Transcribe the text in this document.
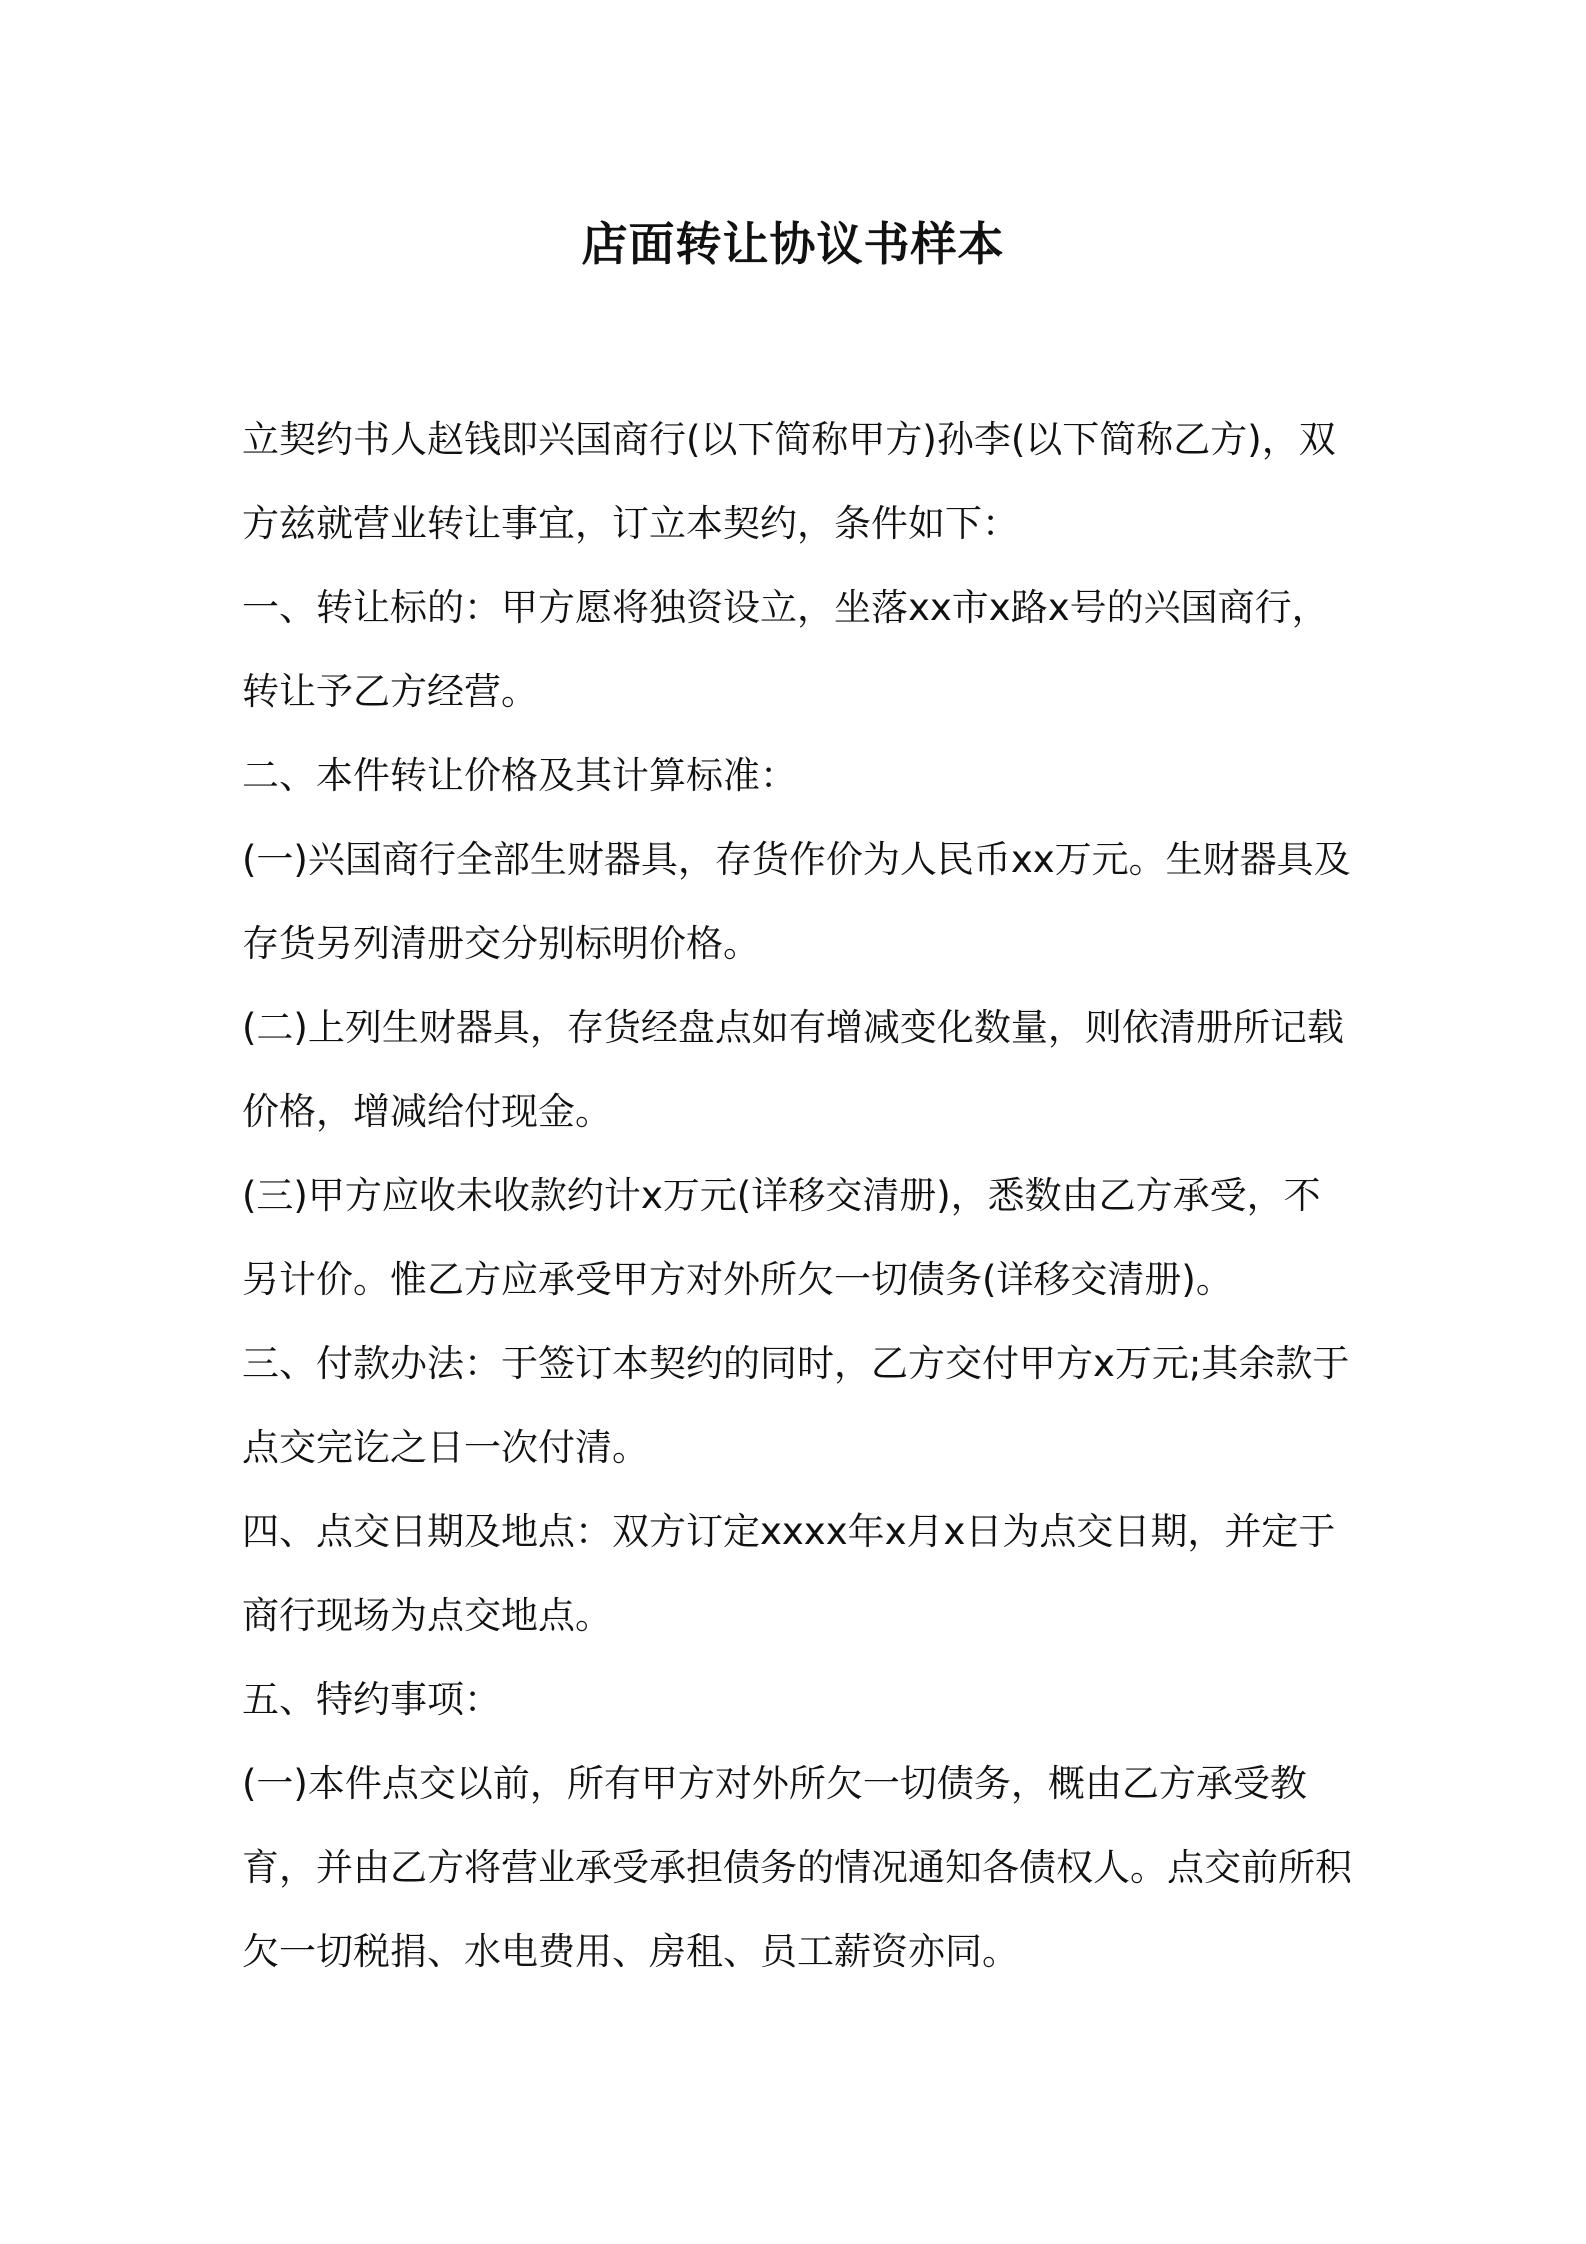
店面转让协议书样本

立契约书人赵钱即兴国商行(以下简称甲方)孙李(以下简称乙方)，双方兹就营业转让事宜，订立本契约，条件如下：

一、转让标的：甲方愿将独资设立，坐落xx市x路x号的兴国商行，转让予乙方经营。

二、本件转让价格及其计算标准：

(一)兴国商行全部生财器具，存货作价为人民币xx万元。生财器具及存货另列清册交分别标明价格。

(二)上列生财器具，存货经盘点如有增减变化数量，则依清册所记载价格，增减给付现金。

(三)甲方应收未收款约计x万元(详移交清册)，悉数由乙方承受，不另计价。惟乙方应承受甲方对外所欠一切债务(详移交清册)。

三、付款办法：于签订本契约的同时，乙方交付甲方x万元;其余款于点交完讫之日一次付清。

四、点交日期及地点：双方订定xxxx年x月x日为点交日期，并定于商行现场为点交地点。

五、特约事项：

(一)本件点交以前，所有甲方对外所欠一切债务，概由乙方承受教育，并由乙方将营业承受承担债务的情况通知各债权人。点交前所积欠一切税捐、水电费用、房租、员工薪资亦同。
